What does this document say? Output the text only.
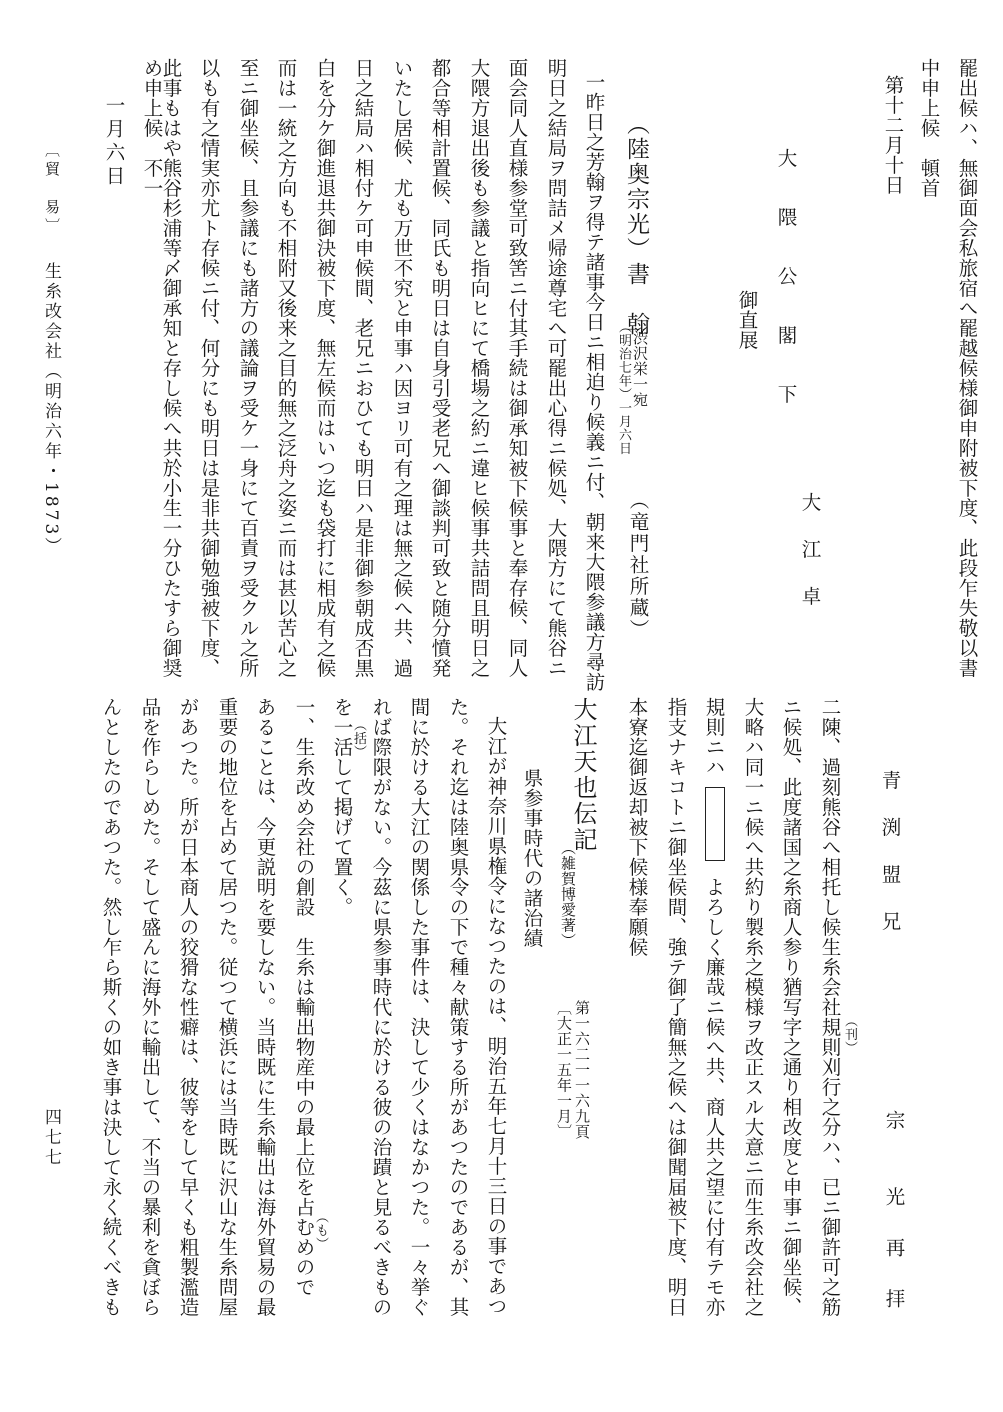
罷出候ハ、無御面会私旅宿へ罷越候様御申附被下度、此段乍失敬以書
中申上候　頓首
第十二月十日
大　隈　公　閣　下
御直展
大　江　卓
（陸奥宗光）書　翰
渋沢栄一宛
（明治七年）一月六日
（竜門社所蔵）
一昨日之芳翰ヲ得テ諸事今日ニ相迫り候義ニ付、朝来大隈参議方尋訪
明日之結局ヲ問詰メ帰途尊宅へ可罷出心得ニ候処、大隈方にて熊谷ニ
面会同人直様参堂可致筈ニ付其手続は御承知被下候事と奉存候、同人
大隈方退出後も参議と指向ヒにて橋場之約ニ違ヒ候事共詰問且明日之
都合等相計置候、同氏も明日は自身引受老兄へ御談判可致と随分憤発
いたし居候、尤も万世不究と申事ハ因ヨリ可有之理は無之候へ共、過
日之結局ハ相付ケ可申候間、老兄ニおひても明日ハ是非御参朝成否黒
白を分ケ御進退共御決被下度、無左候而はいつ迄も袋打に相成有之候
而は一統之方向も不相附又後来之目的無之泛舟之姿ニ而は甚以苦心之
至ニ御坐候、且参議にも諸方の議論ヲ受ケ一身にて百責ヲ受クル之所
以も有之情実亦尤ト存候ニ付、何分にも明日は是非共御勉強被下度、
此事もはや熊谷杉浦等〆御承知と存し候へ共於小生一分ひたすら御奨
め申上候　不一
一月六日
〔貿　易〕
生糸改会社（明治六年・1873）
青　渕　盟　兄
宗　　光　再　拝
（刊）
二陳、過刻熊谷へ相托し候生糸会社規則刈行之分ハ、已ニ御許可之筋
ニ候処、此度諸国之糸商人参り猶写字之通り相改度と申事ニ御坐候、
大略ハ同一ニ候へ共約り製糸之模様ヲ改正スル大意ニ而生糸改会社之
規則ニハ　　　　　よろしく廉哉ニ候へ共、商人共之望に付有テモ亦
指支ナキコトニ御坐候間、強テ御了簡無之候へは御聞届被下度、明日
本寮迄御返却被下候様奉願候
大江天也伝記
（雑賀博愛著）
第一六二一一六九頁
〔大正一五年一月〕
県参事時代の諸治績
大江が神奈川県権令になつたのは、明治五年七月十三日の事であつ
た。それ迄は陸奥県令の下で種々献策する所があつたのであるが、其
間に於ける大江の関係した事件は、決して少くはなかつた。一々挙ぐ
れば際限がない。今茲に県参事時代に於ける彼の治蹟と見るべきもの
を一活して掲げて置く。
（括）
一、生糸改め会社の創設　生糸は輸出物産中の最上位を占むめので
（も）
あることは、今更説明を要しない。当時既に生糸輸出は海外貿易の最
重要の地位を占めて居つた。従つて横浜には当時既に沢山な生糸問屋
があつた。所が日本商人の狡猾な性癖は、彼等をして早くも粗製濫造
品を作らしめた。そして盛んに海外に輸出して、不当の暴利を貪ぼら
んとしたのであつた。然し乍ら斯くの如き事は決して永く続くべきも
四七七
